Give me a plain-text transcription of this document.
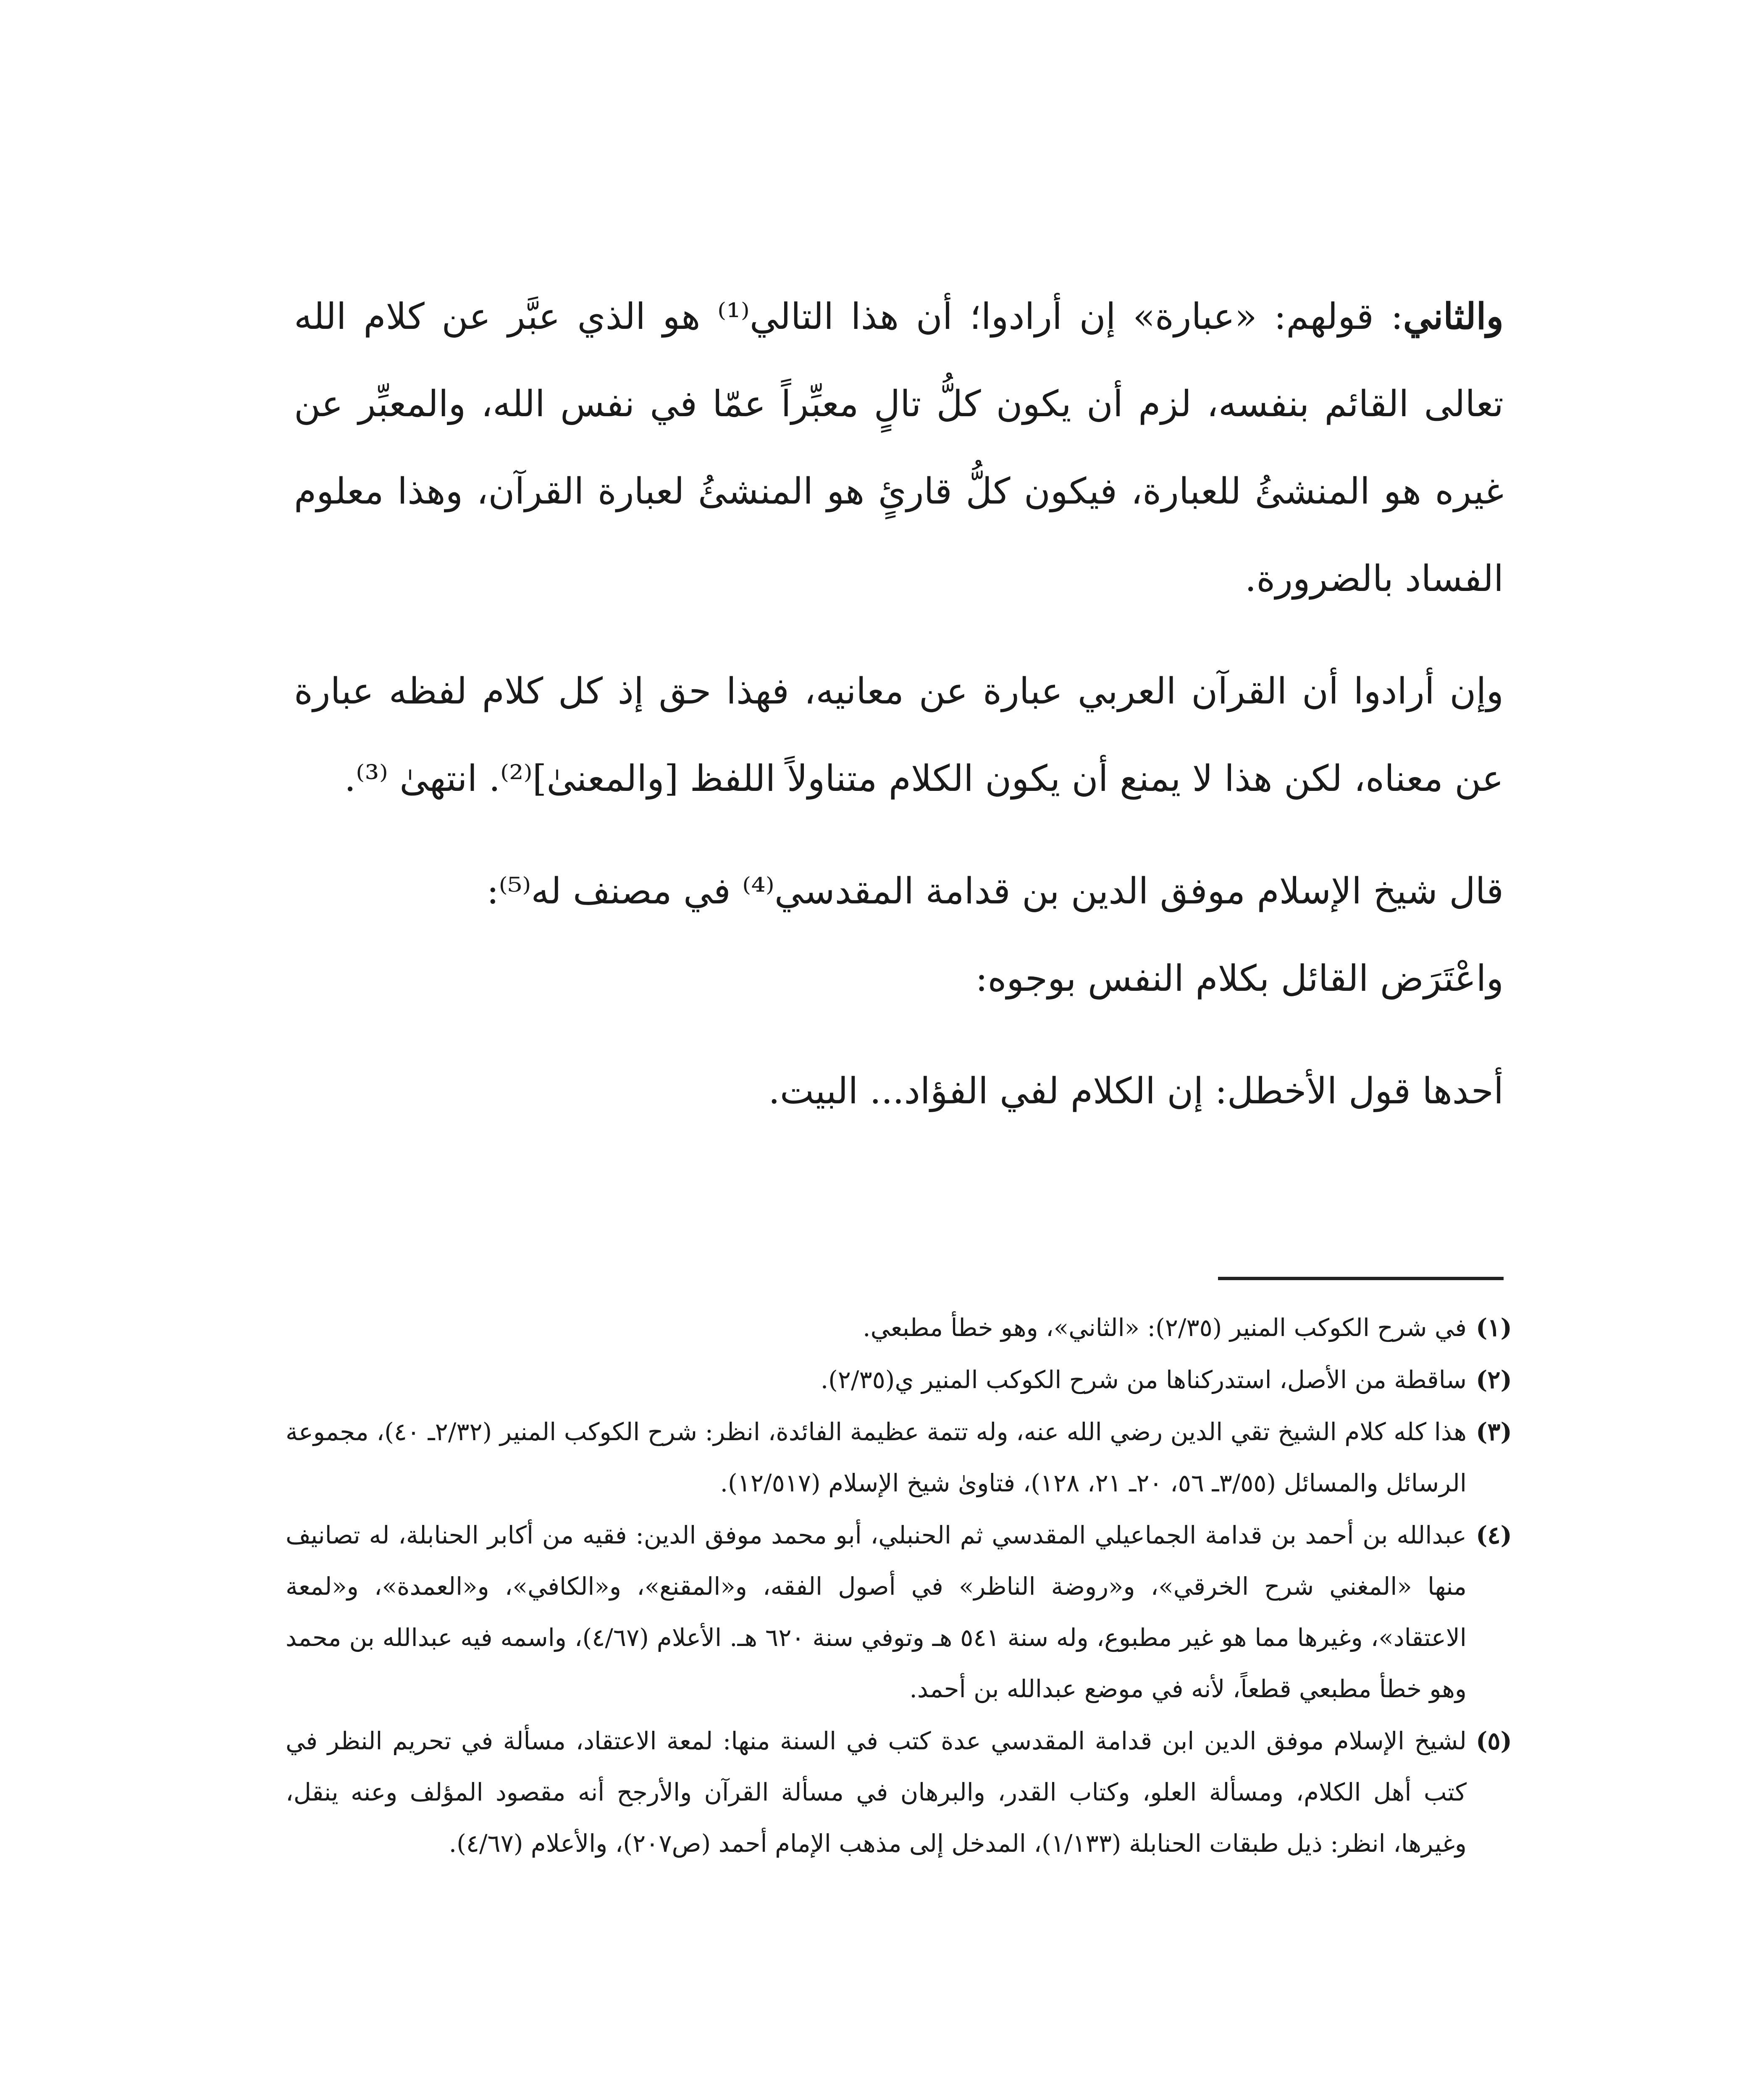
والثاني: قولهم: «عبارة» إن أرادوا؛ أن هذا التالي⁽¹⁾ هو الذي عبَّر عن كلام الله تعالى القائم بنفسه، لزم أن يكون كلُّ تالٍ معبِّراً عمّا في نفس الله، والمعبِّر عن غيره هو المنشئُ للعبارة، فيكون كلُّ قارئٍ هو المنشئُ لعبارة القرآن، وهذا معلوم الفساد بالضرورة.

وإن أرادوا أن القرآن العربي عبارة عن معانيه، فهذا حق إذ كل كلام لفظه عبارة عن معناه، لكن هذا لا يمنع أن يكون الكلام متناولاً اللفظ [والمعنىٰ]⁽²⁾. انتهىٰ ⁽³⁾.

قال شيخ الإسلام موفق الدين بن قدامة المقدسي⁽⁴⁾ في مصنف له⁽⁵⁾:

واعْتَرَض القائل بكلام النفس بوجوه:

أحدها قول الأخطل: إن الكلام لفي الفؤاد... البيت.

(١)
في شرح الكوكب المنير (٢/٣٥): «الثاني»، وهو خطأ مطبعي.
(٢)
ساقطة من الأصل، استدركناها من شرح الكوكب المنير ي(٢/٣٥).
(٣)
هذا كله كلام الشيخ تقي الدين رضي الله عنه، وله تتمة عظيمة الفائدة، انظر: شرح الكوكب المنير (٢/٣٢ـ ٤٠)، مجموعة الرسائل والمسائل (٣/٥٥ـ ٥٦، ٢٠ـ ٢١، ١٢٨)، فتاوىٰ شيخ الإسلام (١٢/٥١٧).
(٤)
عبدالله بن أحمد بن قدامة الجماعيلي المقدسي ثم الحنبلي، أبو محمد موفق الدين: فقيه من أكابر الحنابلة، له تصانيف منها «المغني شرح الخرقي»، و«روضة الناظر» في أصول الفقه، و«المقنع»، و«الكافي»، و«العمدة»، و«لمعة الاعتقاد»، وغيرها مما هو غير مطبوع، وله سنة ٥٤١ هـ وتوفي سنة ٦٢٠ هـ. الأعلام (٤/٦٧)، واسمه فيه عبدالله بن محمد وهو خطأ مطبعي قطعاً، لأنه في موضع عبدالله بن أحمد.
(٥)
لشيخ الإسلام موفق الدين ابن قدامة المقدسي عدة كتب في السنة منها: لمعة الاعتقاد، مسألة في تحريم النظر في كتب أهل الكلام، ومسألة العلو، وكتاب القدر، والبرهان في مسألة القرآن والأرجح أنه مقصود المؤلف وعنه ينقل، وغيرها، انظر: ذيل طبقات الحنابلة (١/١٣٣)، المدخل إلى مذهب الإمام أحمد (ص٢٠٧)، والأعلام (٤/٦٧).
